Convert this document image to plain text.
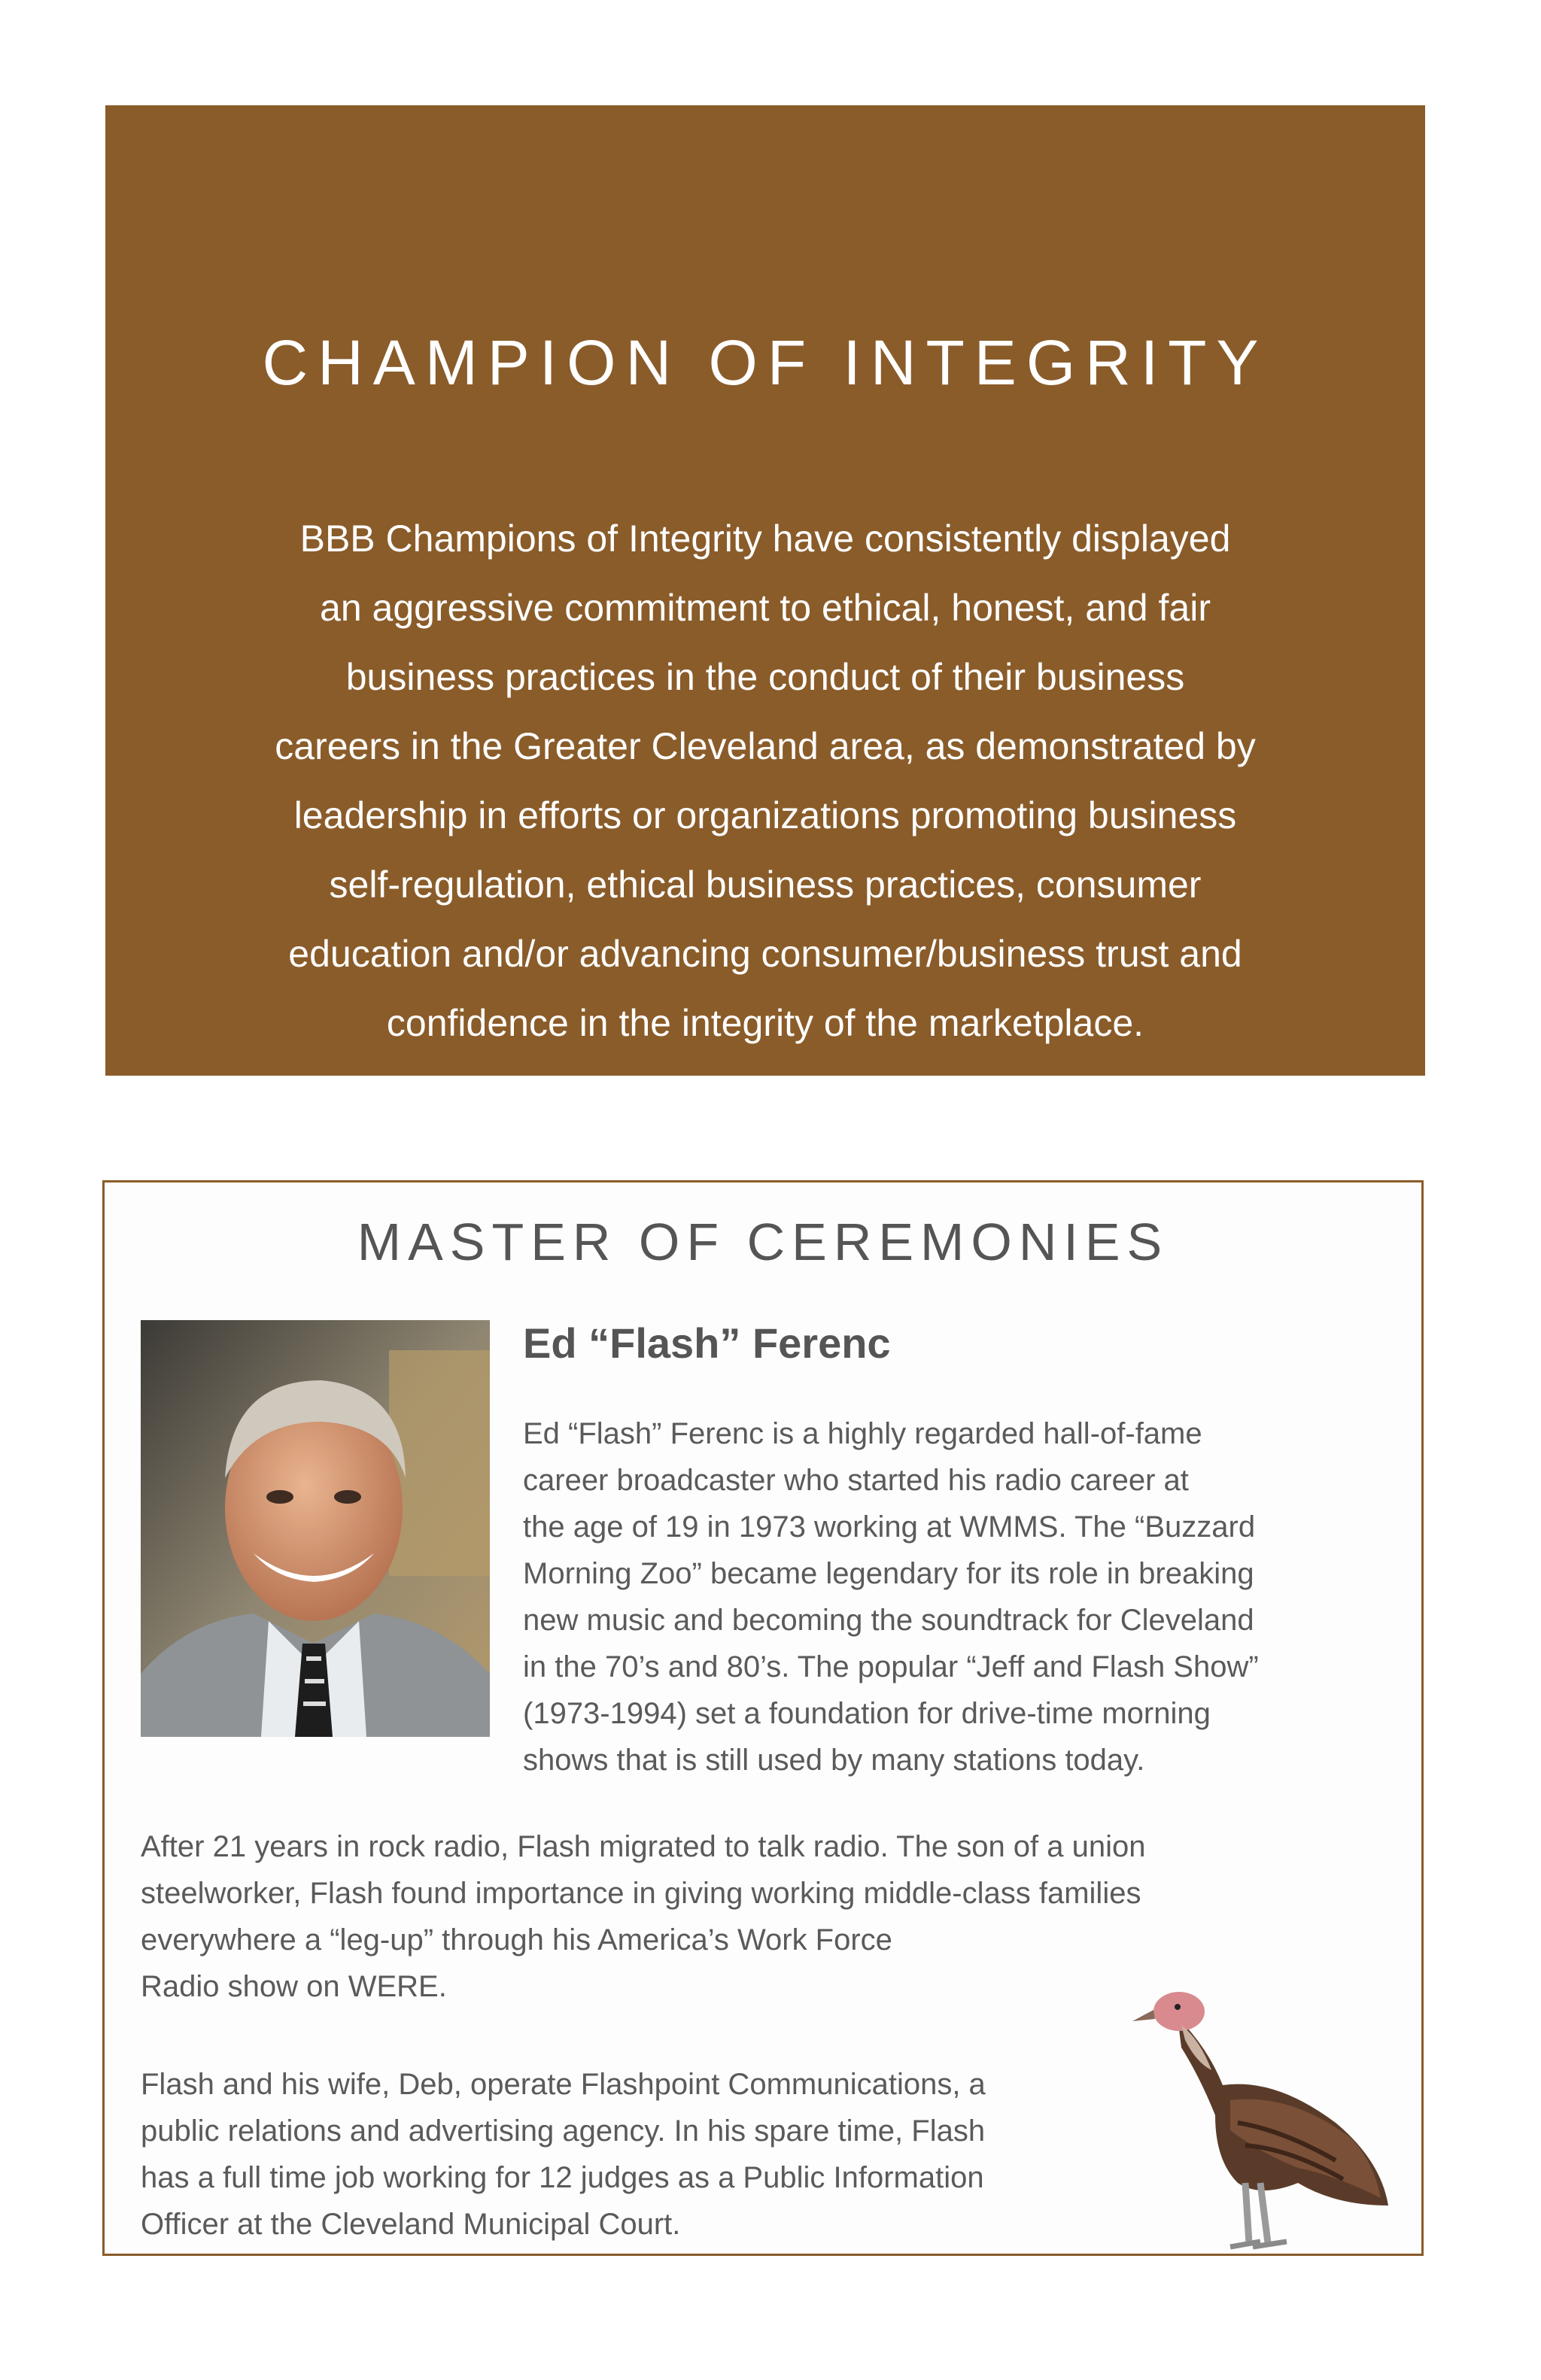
CHAMPION OF INTEGRITY
BBB Champions of Integrity have consistently displayed
an aggressive commitment to ethical, honest, and fair
business practices in the conduct of their business
careers in the Greater Cleveland area, as demonstrated by
leadership in efforts or organizations promoting business
self-regulation, ethical business practices, consumer
education and/or advancing consumer/business trust and
confidence in the integrity of the marketplace.
MASTER OF CEREMONIES
Ed “Flash” Ferenc
Ed “Flash” Ferenc is a highly regarded hall-of-fame
career broadcaster who started his radio career at
the age of 19 in 1973 working at WMMS. The “Buzzard
Morning Zoo” became legendary for its role in breaking
new music and becoming the soundtrack for Cleveland
in the 70’s and 80’s. The popular “Jeff and Flash Show”
(1973-1994) set a foundation for drive-time morning
shows that is still used by many stations today.
After 21 years in rock radio, Flash migrated to talk radio. The son of a union
steelworker, Flash found importance in giving working middle-class families
everywhere a “leg-up” through his America’s Work Force
Radio show on WERE.
Flash and his wife, Deb, operate Flashpoint Communications, a
public relations and advertising agency. In his spare time, Flash
has a full time job working for 12 judges as a Public Information
Officer at the Cleveland Municipal Court.
